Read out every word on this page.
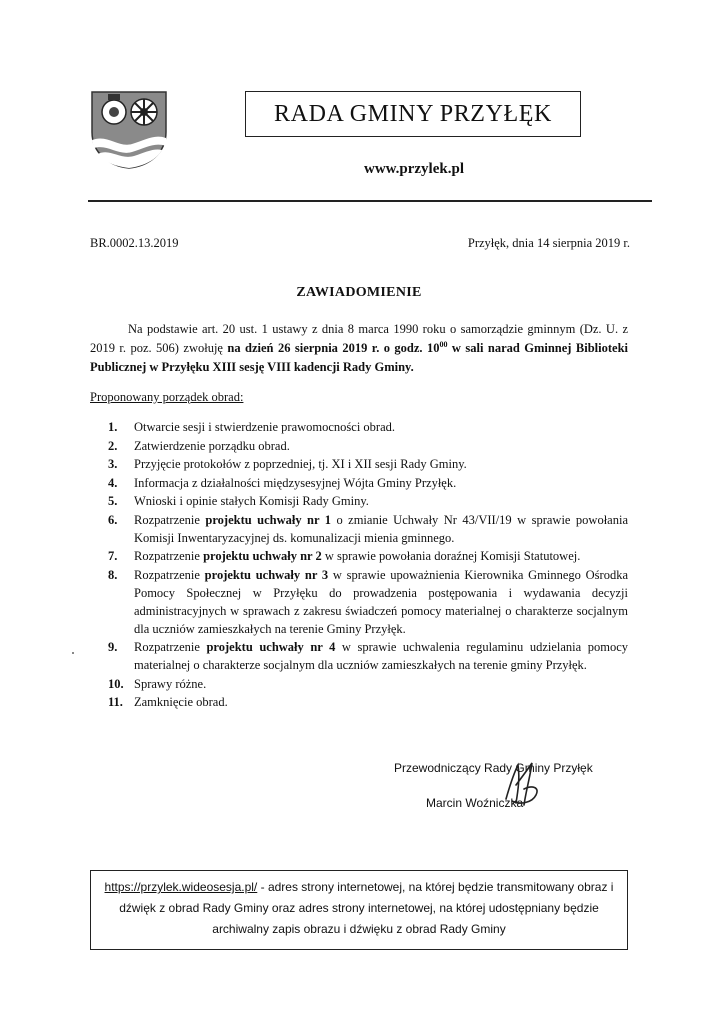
RADA GMINY PRZYŁĘK
www.przylek.pl
BR.0002.13.2019	Przyłęk, dnia 14 sierpnia 2019 r.
ZAWIADOMIENIE
Na podstawie art. 20 ust. 1 ustawy z dnia 8 marca 1990 roku o samorządzie gminnym (Dz. U. z 2019 r. poz. 506) zwołuję na dzień 26 sierpnia 2019 r. o godz. $10^{00}$ w sali narad Gminnej Biblioteki Publicznej w Przyłęku XIII sesję VIII kadencji Rady Gminy.
Proponowany porządek obrad:
1. Otwarcie sesji i stwierdzenie prawomocności obrad.
2. Zatwierdzenie porządku obrad.
3. Przyjęcie protokołów z poprzedniej, tj. XI i XII sesji Rady Gminy.
4. Informacja z działalności międzysesyjnej Wójta Gminy Przyłęk.
5. Wnioski i opinie stałych Komisji Rady Gminy.
6. Rozpatrzenie projektu uchwały nr 1 o zmianie Uchwały Nr 43/VII/19 w sprawie powołania Komisji Inwentaryzacyjnej ds. komunalizacji mienia gminnego.
7. Rozpatrzenie projektu uchwały nr 2 w sprawie powołania doraźnej Komisji Statutowej.
8. Rozpatrzenie projektu uchwały nr 3 w sprawie upoważnienia Kierownika Gminnego Ośrodka Pomocy Społecznej w Przyłęku do prowadzenia postępowania i wydawania decyzji administracyjnych w sprawach z zakresu świadczeń pomocy materialnej o charakterze socjalnym dla uczniów zamieszkałych na terenie Gminy Przyłęk.
9. Rozpatrzenie projektu uchwały nr 4 w sprawie uchwalenia regulaminu udzielania pomocy materialnej o charakterze socjalnym dla uczniów zamieszkałych na terenie gminy Przyłęk.
10. Sprawy różne.
11. Zamknięcie obrad.
Przewodniczący Rady Gminy Przyłęk
Marcin Woźniczka
https://przylek.wideosesja.pl/ - adres strony internetowej, na której będzie transmitowany obraz i dźwięk z obrad Rady Gminy oraz adres strony internetowej, na której udostępniany będzie archiwalny zapis obrazu i dźwięku z obrad Rady Gminy
